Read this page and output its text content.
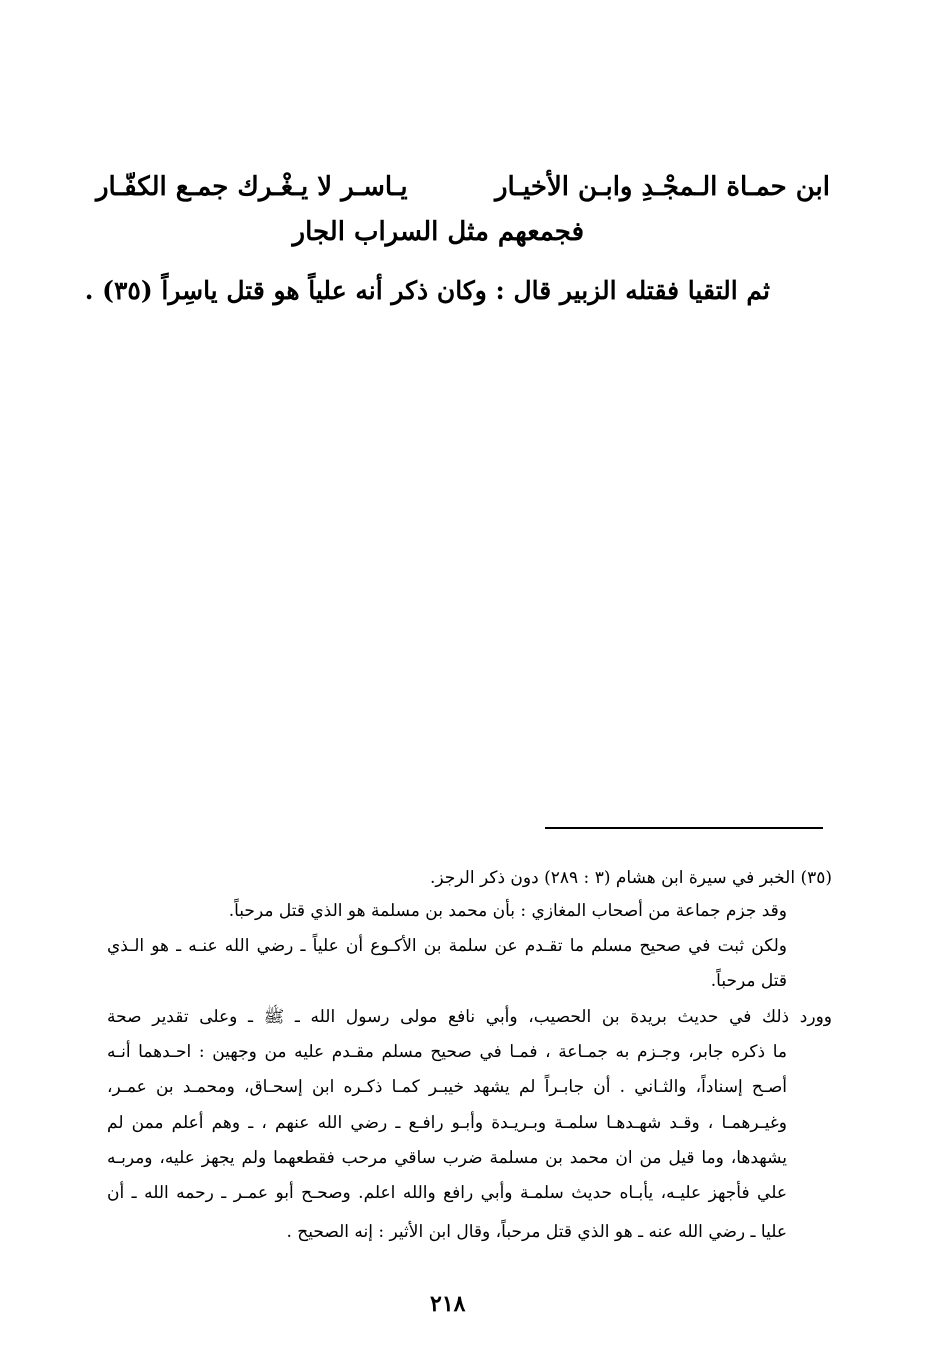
ابن حمـاة الـمجْـدِ وابـن الأخيـار

يـاسـر لا يـغْـرك جمـع الكفّـار

فجمعهم مثل السراب الجار

ثم التقيا فقتله الزبير قال : وكان ذكر أنه علياً هو قتل ياسِراً (٣٥) .

(٣٥) الخبر في سيرة ابن هشام (٣ : ٢٨٩) دون ذكر الرجز.

وقد جزم جماعة من أصحاب المغازي : بأن محمد بن مسلمة هو الذي قتل مرحباً.

ولكن ثبت في صحيح مسلم ما تقـدم عن سلمة بن الأكـوع أن علياً ـ رضي الله عنـه ـ هو الـذي

قتل مرحباً.

وورد ذلك في حديث بريدة بن الحصيب، وأبي نافع مولى رسول الله ـ ﷺ ـ وعلى تقدير صحة

ما ذكره جابر، وجـزم به جمـاعة ، فمـا في صحيح مسلم مقـدم عليه من وجهين : احـدهما أنـه

أصـح إسناداً، والثـاني . أن جابـراً لم يشهد خيبـر كمـا ذكـره ابن إسحـاق، ومحمـد بن عمـر،

وغيـرهمـا ، وقـد شهـدهـا سلمـة وبـريـدة وأبـو رافـع ـ رضي الله عنهم ، ـ وهم أعلم ممن لم

يشهدها، وما قيل من ان محمد بن مسلمة ضرب ساقي مرحب فقطعهما ولم يجهز عليه، ومربـه

علي فأجهز عليـه، يأبـاه حديث سلمـة وأبي رافع والله اعلم. وصحـح أبو عمـر ـ رحمه الله ـ أن

عليا ـ رضي الله عنه ـ هو الذي قتل مرحباً، وقال ابن الأثير : إنه الصحيح .

٢١٨
